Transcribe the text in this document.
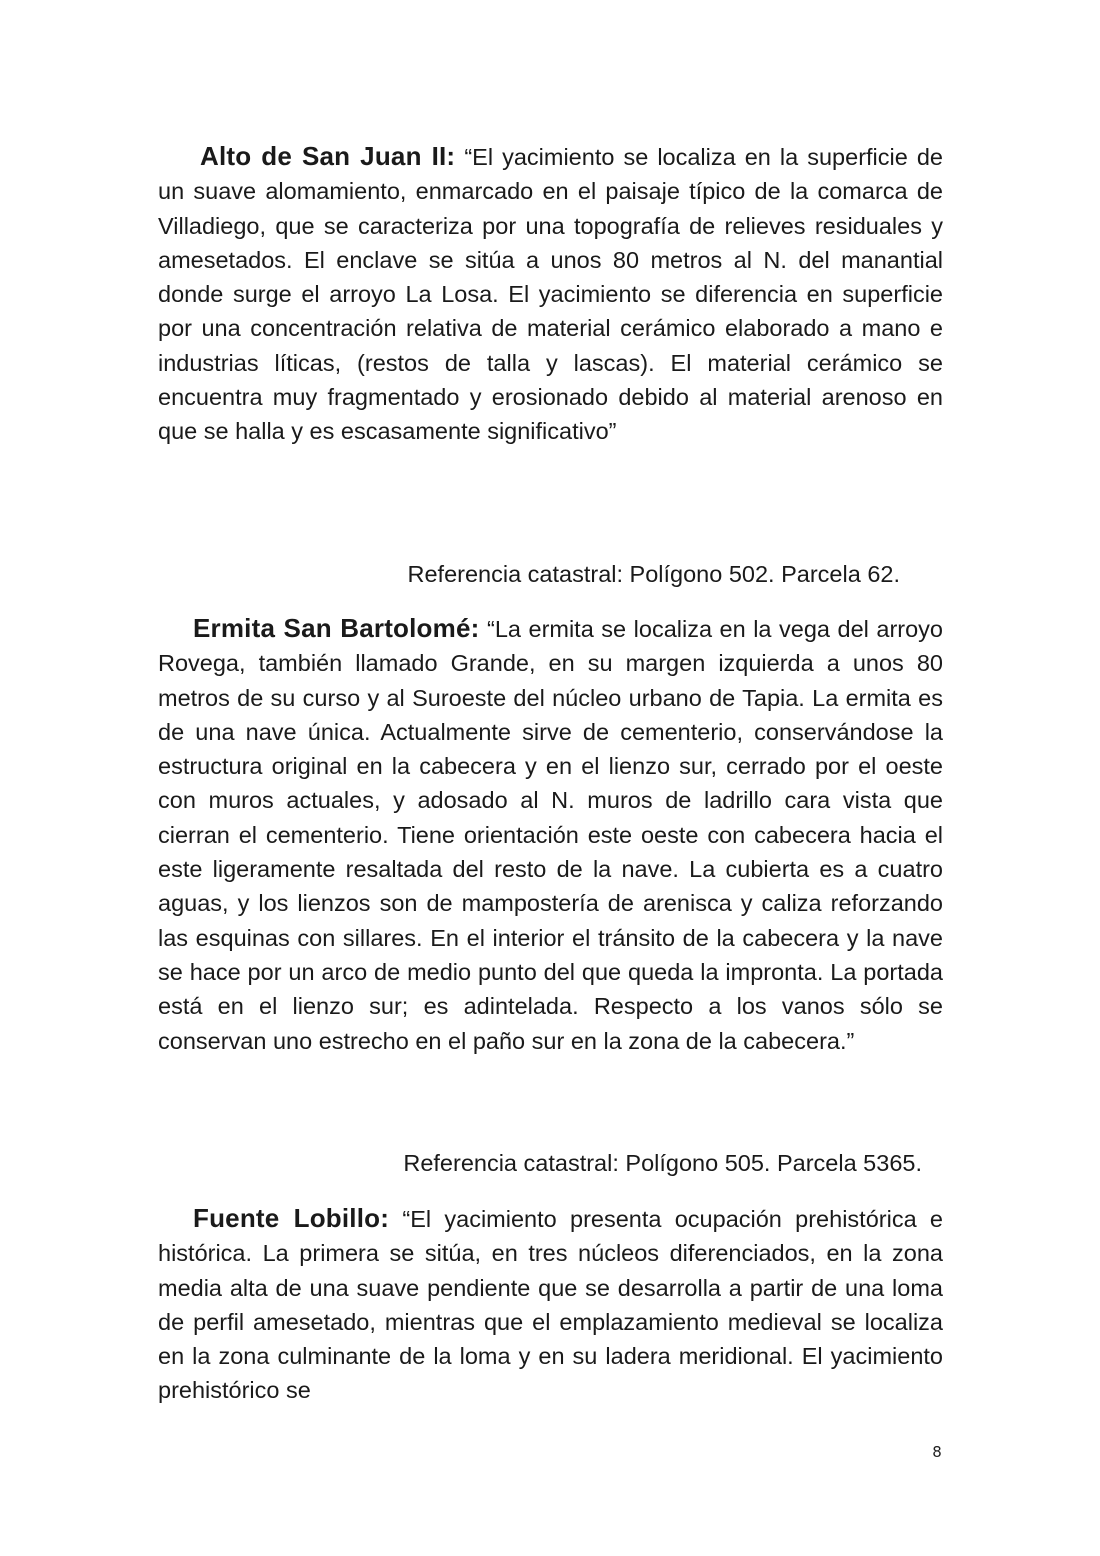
Alto de San Juan II: “El yacimiento se localiza en la superficie de un suave alomamiento, enmarcado en el paisaje típico de la comarca de Villadiego, que se caracteriza por una topografía de relieves residuales y amesetados. El enclave se sitúa a unos 80 metros al N. del manantial donde surge el arroyo La Losa. El yacimiento se diferencia en superficie por una concentración relativa de material cerámico elaborado a mano e industrias líticas, (restos de talla y lascas). El material cerámico se encuentra muy fragmentado y erosionado debido al material arenoso en que se halla y es escasamente significativo”

Referencia catastral: Polígono 502. Parcela 62.

Ermita San Bartolomé: “La ermita se localiza en la vega del arroyo Rovega, también llamado Grande, en su margen izquierda a unos 80 metros de su curso y al Suroeste del núcleo urbano de Tapia. La ermita es de una nave única. Actualmente sirve de cementerio, conservándose la estructura original en la cabecera y en el lienzo sur, cerrado por el oeste con muros actuales, y adosado al N. muros de ladrillo cara vista que cierran el cementerio. Tiene orientación este oeste con cabecera hacia el este ligeramente resaltada del resto de la nave. La cubierta es a cuatro aguas, y los lienzos son de mampostería de arenisca y caliza reforzando las esquinas con sillares. En el interior el tránsito de la cabecera y la nave se hace por un arco de medio punto del que queda la impronta. La portada está en el lienzo sur; es adintelada. Respecto a los vanos sólo se conservan uno estrecho en el paño sur en la zona de la cabecera.”

Referencia catastral: Polígono 505. Parcela 5365.

Fuente Lobillo: “El yacimiento presenta ocupación prehistórica e histórica. La primera se sitúa, en tres núcleos diferenciados, en la zona media alta de una suave pendiente que se desarrolla a partir de una loma de perfil amesetado, mientras que el emplazamiento medieval se localiza en la zona culminante de la loma y en su ladera meridional. El yacimiento prehistórico se

8
